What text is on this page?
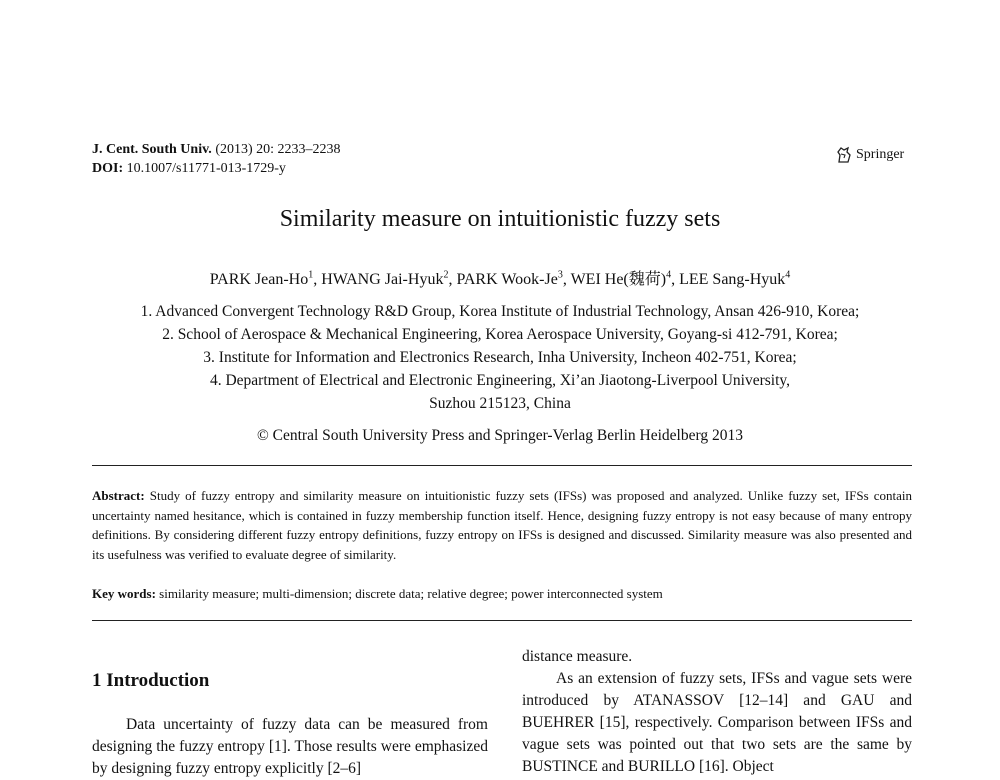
J. Cent. South Univ. (2013) 20: 2233–2238
DOI: 10.1007/s11771-013-1729-y
Springer
Similarity measure on intuitionistic fuzzy sets
PARK Jean-Ho$^1$, HWANG Jai-Hyuk$^2$, PARK Wook-Je$^3$, WEI He(魏荷)$^4$, LEE Sang-Hyuk$^4$
1. Advanced Convergent Technology R&D Group, Korea Institute of Industrial Technology, Ansan 426-910, Korea;
2. School of Aerospace & Mechanical Engineering, Korea Aerospace University, Goyang-si 412-791, Korea;
3. Institute for Information and Electronics Research, Inha University, Incheon 402-751, Korea;
4. Department of Electrical and Electronic Engineering, Xi’an Jiaotong-Liverpool University,
Suzhou 215123, China
© Central South University Press and Springer-Verlag Berlin Heidelberg 2013
Abstract: Study of fuzzy entropy and similarity measure on intuitionistic fuzzy sets (IFSs) was proposed and analyzed. Unlike fuzzy set, IFSs contain uncertainty named hesitance, which is contained in fuzzy membership function itself. Hence, designing fuzzy entropy is not easy because of many entropy definitions. By considering different fuzzy entropy definitions, fuzzy entropy on IFSs is designed and discussed. Similarity measure was also presented and its usefulness was verified to evaluate degree of similarity.
Key words: similarity measure; multi-dimension; discrete data; relative degree; power interconnected system
1 Introduction

Data uncertainty of fuzzy data can be measured from designing the fuzzy entropy [1]. Those results were emphasized by designing fuzzy entropy explicitly [2–6]

distance measure.

As an extension of fuzzy sets, IFSs and vague sets were introduced by ATANASSOV [12–14] and GAU and BUEHRER [15], respectively. Comparison between IFSs and vague sets was pointed out that two sets are the same by BUSTINCE and BURILLO [16]. Object
